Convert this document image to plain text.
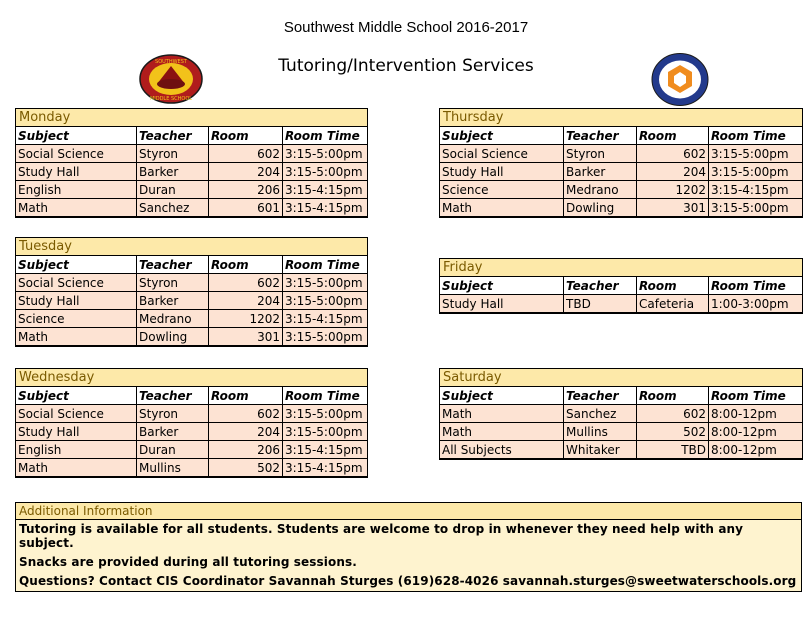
Southwest Middle School 2016-2017
Tutoring/Intervention Services
SOUTHWEST
MIDDLE SCHOOL
Monday			
Subject	Teacher	Room	Room Time
Social Science	Styron	602	3:15-5:00pm
Study Hall	Barker	204	3:15-5:00pm
English	Duran	206	3:15-4:15pm
Math	Sanchez	601	3:15-4:15pm
Tuesday			
Subject	Teacher	Room	Room Time
Social Science	Styron	602	3:15-5:00pm
Study Hall	Barker	204	3:15-5:00pm
Science	Medrano	1202	3:15-4:15pm
Math	Dowling	301	3:15-5:00pm
Wednesday			
Subject	Teacher	Room	Room Time
Social Science	Styron	602	3:15-5:00pm
Study Hall	Barker	204	3:15-5:00pm
English	Duran	206	3:15-4:15pm
Math	Mullins	502	3:15-4:15pm
Thursday			
Subject	Teacher	Room	Room Time
Social Science	Styron	602	3:15-5:00pm
Study Hall	Barker	204	3:15-5:00pm
Science	Medrano	1202	3:15-4:15pm
Math	Dowling	301	3:15-5:00pm
Friday			
Subject	Teacher	Room	Room Time
Study Hall	TBD	Cafeteria	1:00-3:00pm
Saturday			
Subject	Teacher	Room	Room Time
Math	Sanchez	602	8:00-12pm
Math	Mullins	502	8:00-12pm
All Subjects	Whitaker	TBD	8:00-12pm
Additional Information
Tutoring is available for all students. Students are welcome to drop in whenever they need help with any subject.
Snacks are provided during all tutoring sessions.
Questions? Contact CIS Coordinator Savannah Sturges (619)628-4026 savannah.sturges@sweetwaterschools.org
